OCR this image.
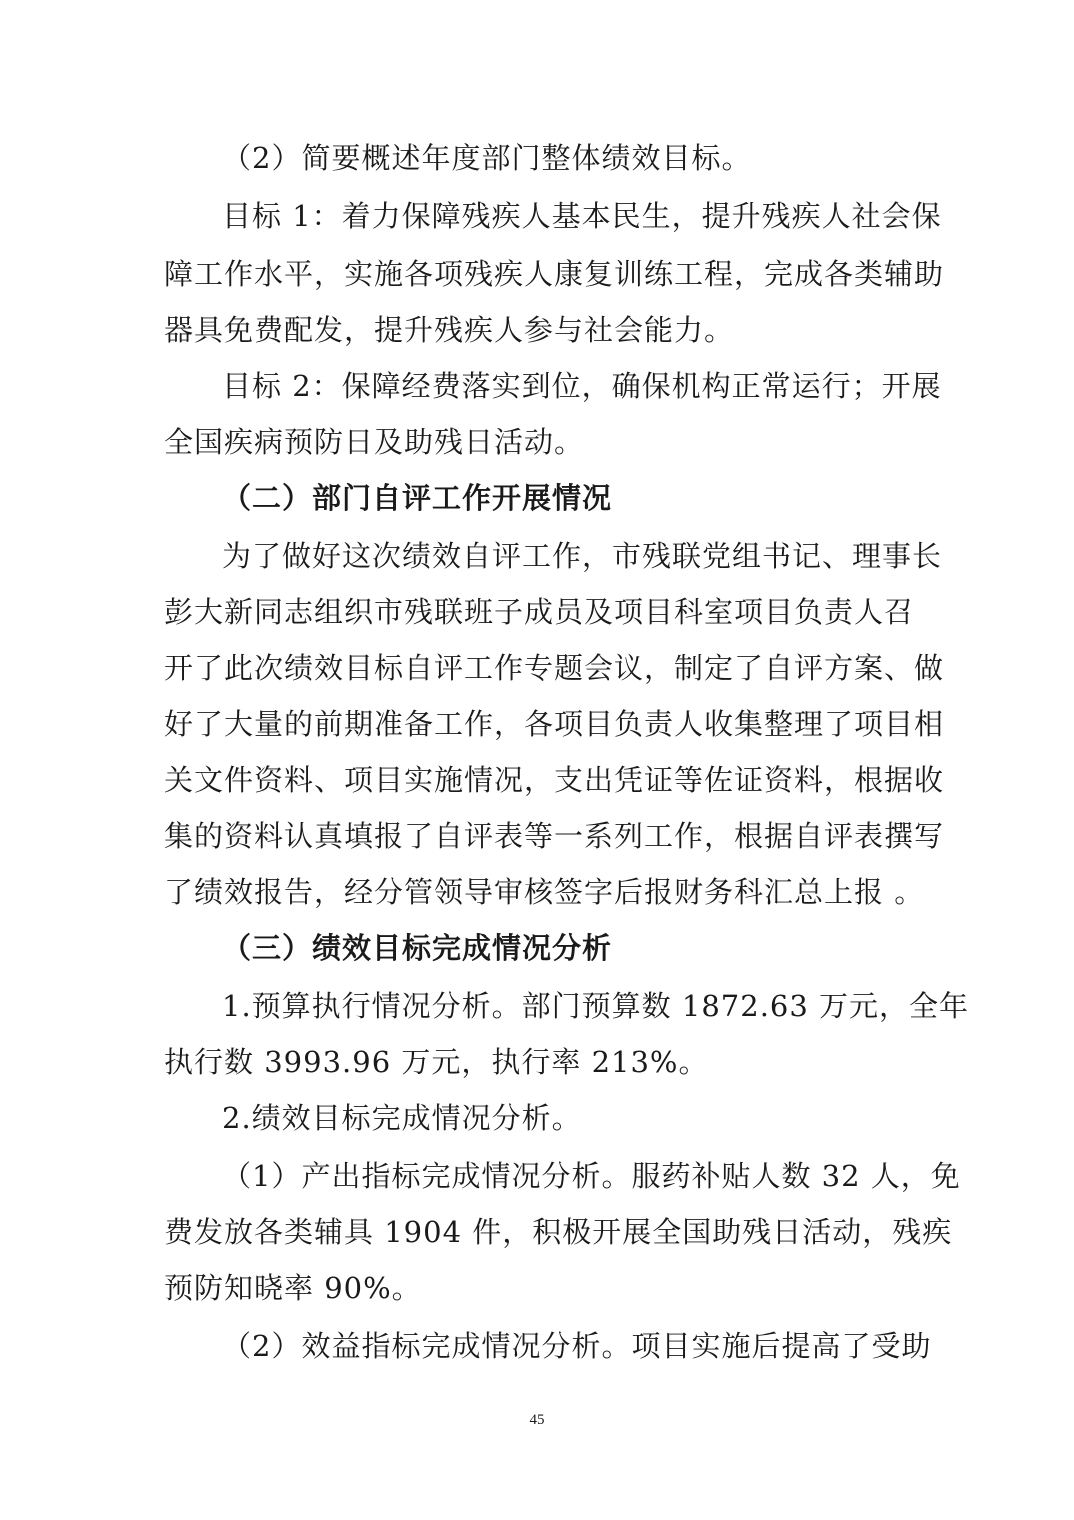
（2）简要概述年度部门整体绩效目标。
目标 1：着力保障残疾人基本民生，提升残疾人社会保
障工作水平，实施各项残疾人康复训练工程，完成各类辅助
器具免费配发，提升残疾人参与社会能力。
目标 2：保障经费落实到位，确保机构正常运行；开展
全国疾病预防日及助残日活动。
（二）部门自评工作开展情况
为了做好这次绩效自评工作，市残联党组书记、理事长
彭大新同志组织市残联班子成员及项目科室项目负责人召
开了此次绩效目标自评工作专题会议，制定了自评方案、做
好了大量的前期准备工作，各项目负责人收集整理了项目相
关文件资料、项目实施情况，支出凭证等佐证资料，根据收
集的资料认真填报了自评表等一系列工作，根据自评表撰写
了绩效报告，经分管领导审核签字后报财务科汇总上报 。
（三）绩效目标完成情况分析
1.预算执行情况分析。部门预算数 1872.63 万元，全年
执行数 3993.96 万元，执行率 213%。
2.绩效目标完成情况分析。
（1）产出指标完成情况分析。服药补贴人数 32 人，免
费发放各类辅具 1904 件，积极开展全国助残日活动，残疾
预防知晓率 90%。
（2）效益指标完成情况分析。项目实施后提高了受助
45
